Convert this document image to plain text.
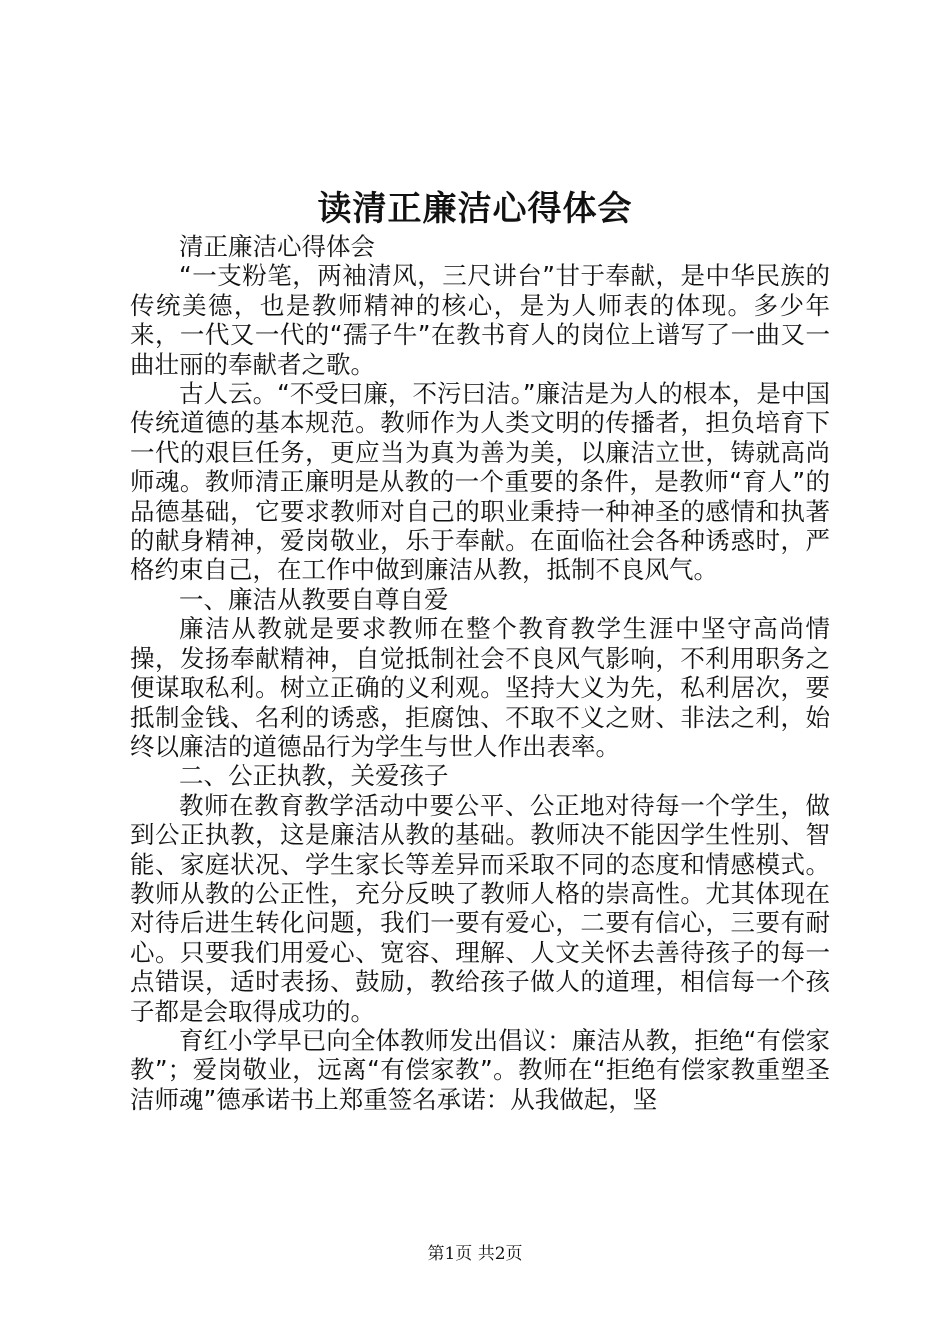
读清正廉洁心得体会

清正廉洁心得体会

“一支粉笔，两袖清风，三尺讲台”甘于奉献，是中华民族的传统美德，也是教师精神的核心，是为人师表的体现。多少年来，一代又一代的“孺子牛”在教书育人的岗位上谱写了一曲又一曲壮丽的奉献者之歌。

古人云。“不受曰廉，不污曰洁。”廉洁是为人的根本，是中国传统道德的基本规范。教师作为人类文明的传播者，担负培育下一代的艰巨任务，更应当为真为善为美，以廉洁立世，铸就高尚师魂。教师清正廉明是从教的一个重要的条件，是教师“育人”的品德基础，它要求教师对自己的职业秉持一种神圣的感情和执著的献身精神，爱岗敬业，乐于奉献。在面临社会各种诱惑时，严格约束自己，在工作中做到廉洁从教，抵制不良风气。

一、廉洁从教要自尊自爱

廉洁从教就是要求教师在整个教育教学生涯中坚守高尚情操，发扬奉献精神，自觉抵制社会不良风气影响，不利用职务之便谋取私利。树立正确的义利观。坚持大义为先，私利居次，要抵制金钱、名利的诱惑，拒腐蚀、不取不义之财、非法之利，始终以廉洁的道德品行为学生与世人作出表率。

二、公正执教，关爱孩子

教师在教育教学活动中要公平、公正地对待每一个学生，做到公正执教，这是廉洁从教的基础。教师决不能因学生性别、智能、家庭状况、学生家长等差异而采取不同的态度和情感模式。教师从教的公正性，充分反映了教师人格的崇高性。尤其体现在对待后进生转化问题，我们一要有爱心，二要有信心，三要有耐心。只要我们用爱心、宽容、理解、人文关怀去善待孩子的每一点错误，适时表扬、鼓励，教给孩子做人的道理，相信每一个孩子都是会取得成功的。

育红小学早已向全体教师发出倡议：廉洁从教，拒绝“有偿家教”；爱岗敬业，远离“有偿家教”。教师在“拒绝有偿家教重塑圣洁师魂”德承诺书上郑重签名承诺：从我做起，坚

第1页 共2页
